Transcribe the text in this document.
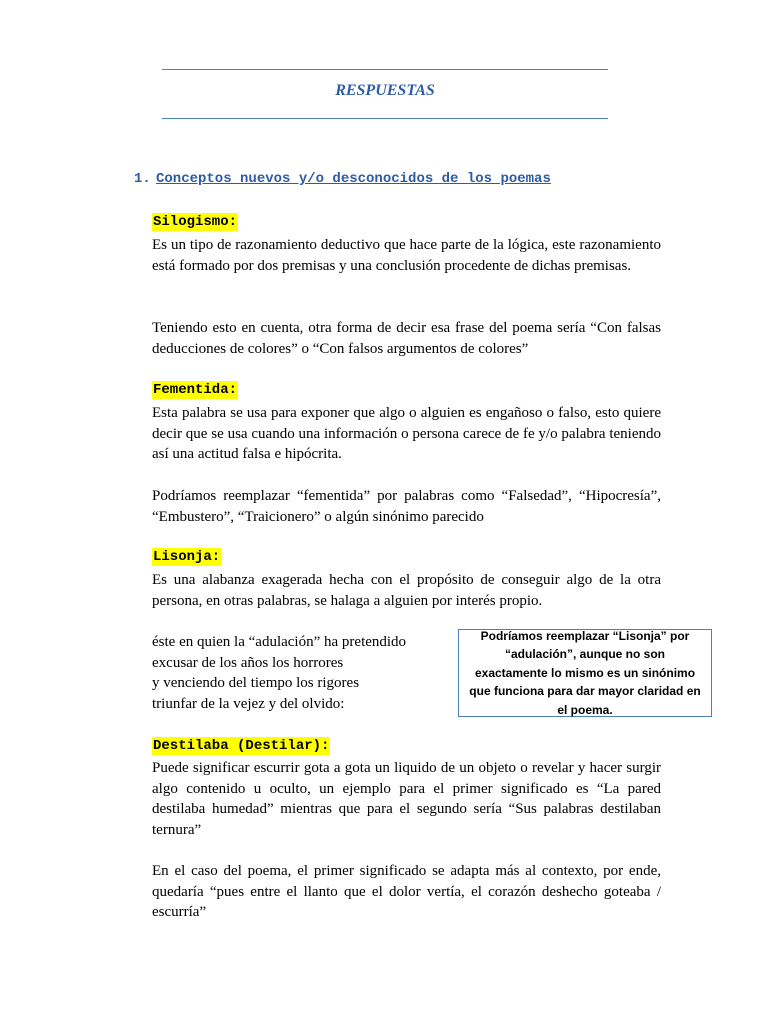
RESPUESTAS
1. Conceptos nuevos y/o desconocidos de los poemas
Silogismo:
Es un tipo de razonamiento deductivo que hace parte de la lógica, este razonamiento está formado por dos premisas y una conclusión procedente de dichas premisas.
Teniendo esto en cuenta, otra forma de decir esa frase del poema sería “Con falsas deducciones de colores” o “Con falsos argumentos de colores”
Fementida:
Esta palabra se usa para exponer que algo o alguien es engañoso o falso, esto quiere decir que se usa cuando una información o persona carece de fe y/o palabra teniendo así una actitud falsa e hipócrita.
Podríamos reemplazar “fementida” por palabras como “Falsedad”, “Hipocresía”, “Embustero”, “Traicionero” o algún sinónimo parecido
Lisonja:
Es una alabanza exagerada hecha con el propósito de conseguir algo de la otra persona, en otras palabras, se halaga a alguien por interés propio.
éste en quien la “adulación” ha pretendido
excusar de los años los horrores
y venciendo del tiempo los rigores
triunfar de la vejez y del olvido:
Podríamos reemplazar “Lisonja” por “adulación”, aunque no son exactamente lo mismo es un sinónimo que funciona para dar mayor claridad en el poema.
Destilaba (Destilar):
Puede significar escurrir gota a gota un liquido de un objeto o revelar y hacer surgir algo contenido u oculto, un ejemplo para el primer significado es “La pared destilaba humedad” mientras que para el segundo sería “Sus palabras destilaban ternura”
En el caso del poema, el primer significado se adapta más al contexto, por ende, quedaría “pues entre el llanto que el dolor vertía, el corazón deshecho goteaba / escurría”
